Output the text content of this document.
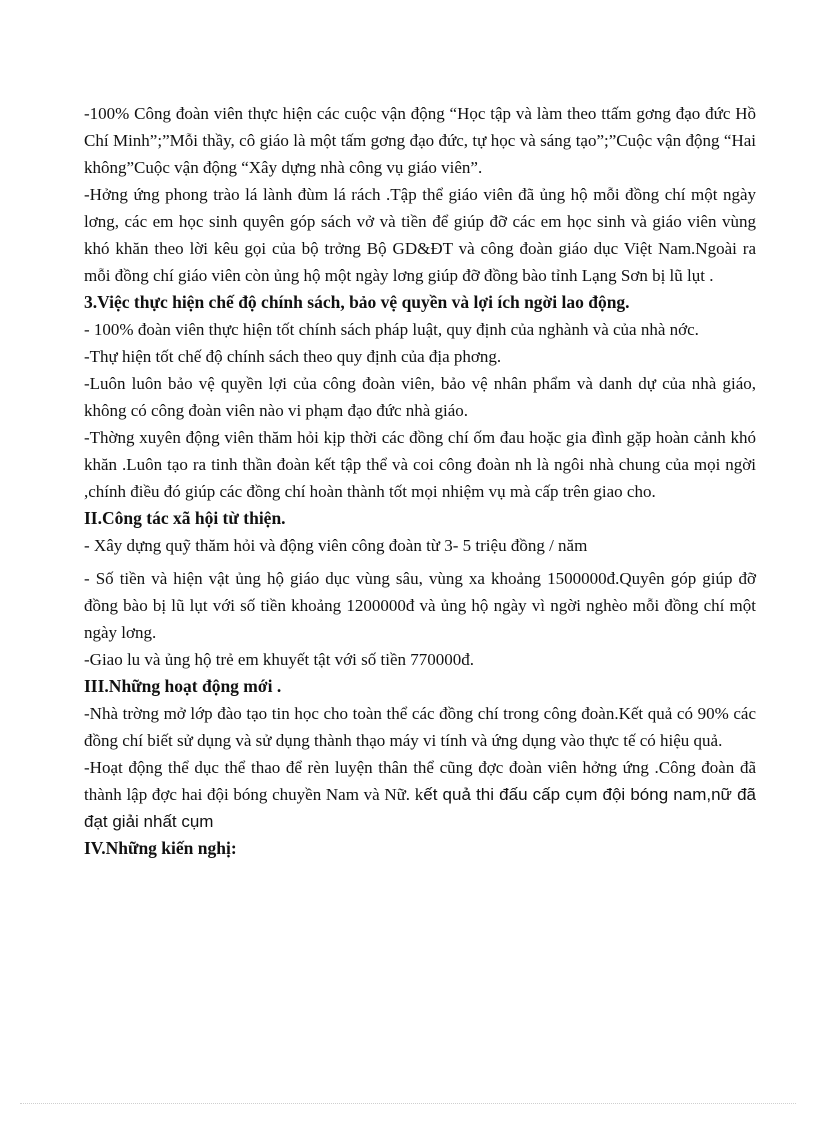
-100% Công đoàn viên thực hiện các cuộc vận động “Học tập và làm theo ttấm gơng đạo đức Hồ Chí Minh”;”Mỗi thầy, cô giáo là một tấm gơng đạo đức, tự học và sáng tạo”;”Cuộc vận động “Hai không”Cuộc vận động “Xây dựng nhà công vụ giáo viên”.

-Hởng ứng phong trào lá lành đùm lá rách .Tập thể giáo viên đã ủng hộ mỗi đồng chí một ngày lơng, các em học sinh quyên góp sách vở và tiền để giúp đỡ các em học sinh và giáo viên vùng khó khăn theo lời kêu gọi của bộ trởng Bộ GD&ĐT và công đoàn giáo dục Việt Nam.Ngoài ra mỗi đồng chí giáo viên còn ủng hộ một ngày lơng giúp đỡ đồng bào tỉnh Lạng Sơn bị lũ lụt .

3.Việc thực hiện chế độ chính sách, bảo vệ quyền và lợi ích ngời lao động.

- 100% đoàn viên thực hiện tốt chính sách pháp luật, quy định của nghành và của nhà nớc.

-Thự hiện tốt chế độ chính sách theo quy định của địa phơng.

-Luôn luôn bảo vệ quyền lợi của công đoàn viên, bảo vệ nhân phẩm và danh dự của nhà giáo, không có công đoàn viên nào vi phạm đạo đức nhà giáo.

-Thờng xuyên động viên thăm hỏi kịp thời các đồng chí ốm đau hoặc gia đình gặp hoàn cảnh khó khăn .Luôn tạo ra tinh thần đoàn kết tập thể và coi công đoàn nh là ngôi nhà chung của mọi ngời ,chính điều đó giúp các đồng chí hoàn thành tốt mọi nhiệm vụ mà cấp trên giao cho.

II.Công tác xã hội từ thiện.

- Xây dựng quỹ thăm hỏi và động viên công đoàn từ 3- 5 triệu đồng / năm

- Số tiền và hiện vật ủng hộ giáo dục vùng sâu, vùng xa khoảng 1500000đ.Quyên góp giúp đỡ đồng bào bị lũ lụt với số tiền khoảng 1200000đ và ủng hộ ngày vì ngời nghèo mỗi đồng chí một ngày lơng.

-Giao lu và ủng hộ trẻ em khuyết tật với số tiền 770000đ.

III.Những hoạt động mới .

-Nhà trờng mở lớp đào tạo tin học cho toàn thể các đồng chí trong công đoàn.Kết quả có 90% các đồng chí biết sử dụng và sử dụng thành thạo máy vi tính và ứng dụng vào thực tế có hiệu quả.

-Hoạt động thể dục thể thao để rèn luyện thân thể cũng đợc đoàn viên hởng ứng .Công đoàn đã thành lập đợc hai đội bóng chuyền Nam và Nữ. kết quả thi đấu cấp cụm đội bóng nam,nữ đã đạt giải nhất cụm

IV.Những kiến nghị:
